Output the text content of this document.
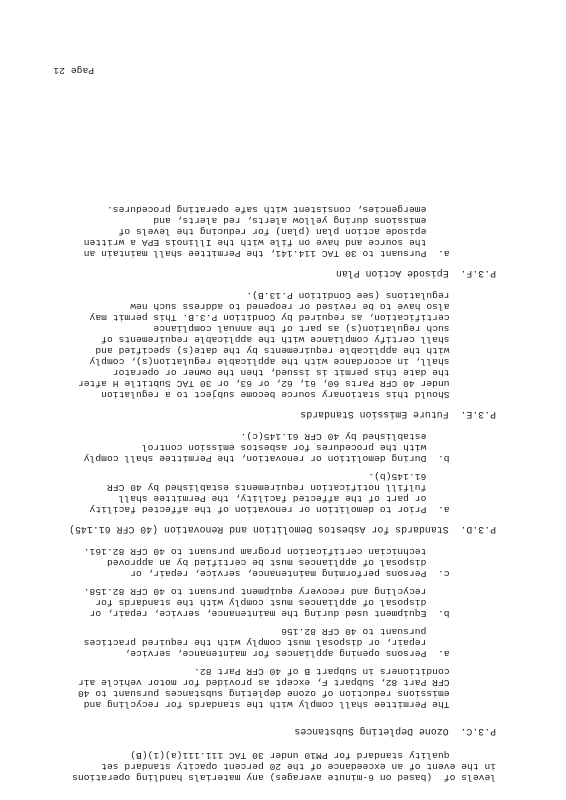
levels of  (based on 6-minute averages) any materials handling operations
in the event of an exceedance of the 20 percent opacity standard set
quality standard for PM10 under 30 TAC 111.111(a)(1)(B)
P.3.C.  Ozone Depleting Substances
The Permittee shall comply with the standards for recycling and
emissions reduction of ozone depleting substances pursuant to 40
CFR Part 82, Subpart F, except as provided for motor vehicle air
conditioners in Subpart B of 40 CFR Part 82.
a.  Persons opening appliances for maintenance, service,
repair, or disposal must comply with the required practices
pursuant to 40 CFR 82.156
b.  Equipment used during the maintenance, service, repair, or
disposal of appliances must comply with the standards for
recycling and recovery equipment pursuant to 40 CFR 82.158.
c.  Persons performing maintenance, service, repair, or
disposal of appliances must be certified by an approved
technician certification program pursuant to 40 CFR 82.161.
P.3.D.  Standards for Asbestos Demolition and Renovation (40 CFR 61.145)
a.  Prior to demolition or renovation of the affected facility
or part of the affected facility, the Permittee shall
fulfill notification requirements established by 40 CFR
61.145(b).
b.  During demolition or renovation, the Permittee shall comply
with the procedures for asbestos emission control
established by 40 CFR 61.145(c).
P.3.E.  Future Emission Standards
Should this stationary source become subject to a regulation
under 40 CFR Parts 60, 61, 62, or 63, or 30 TAC Subtitle H after
the date this permit is issued, then the owner or operator
shall, in accordance with the applicable regulation(s), comply
with the applicable requirements by the date(s) specified and
shall certify compliance with the applicable requirements of
such regulation(s) as part of the annual compliance
certification, as required by Condition P.3.B. This permit may
also have to be revised or reopened to address such new
regulations (see Condition P.13.B).
P.3.F.  Episode Action Plan
a.  Pursuant to 30 TAC 114.141, the Permittee shall maintain an
the source and have on file with the Illinois EPA a written
episode action plan (plan) for reducing the levels of
emissions during yellow alerts, red alerts, and
emergencies, consistent with safe operating procedures.
Page 21
